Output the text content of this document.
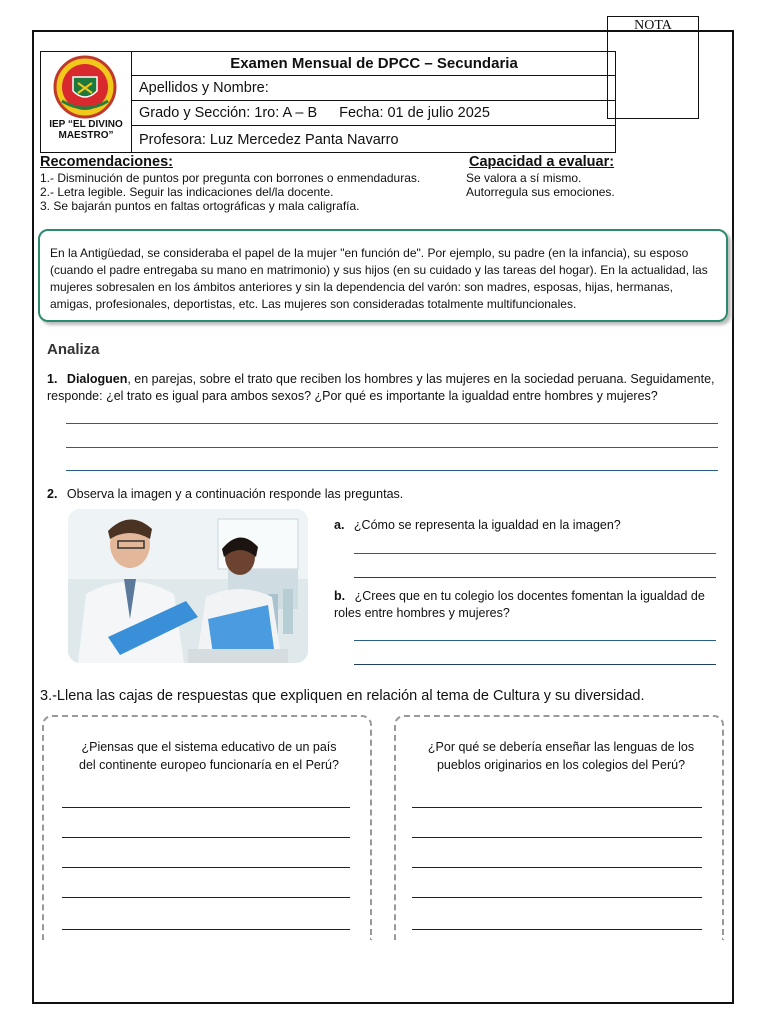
NOTA
IEP “EL DIVINO MAESTRO”
Examen Mensual de DPCC – Secundaria
Apellidos y Nombre:
Grado y Sección: 1ro: A – B Fecha: 01 de julio 2025
Profesora: Luz Mercedez Panta Navarro
Recomendaciones:
1.- Disminución de puntos por pregunta con borrones o enmendaduras.
2.- Letra legible. Seguir las indicaciones del/la docente.
3. Se bajarán puntos en faltas ortográficas y mala caligrafía.
Capacidad a evaluar:
Se valora a sí mismo.
Autorregula sus emociones.
En la Antigüedad, se consideraba el papel de la mujer "en función de". Por ejemplo, su padre (en la infancia), su esposo (cuando el padre entregaba su mano en matrimonio) y sus hijos (en su cuidado y las tareas del hogar). En la actualidad, las mujeres sobresalen en los ámbitos anteriores y sin la dependencia del varón: son madres, esposas, hijas, hermanas, amigas, profesionales, deportistas, etc. Las mujeres son consideradas totalmente multifuncionales.
Analiza
1. Dialoguen, en parejas, sobre el trato que reciben los hombres y las mujeres en la sociedad peruana. Seguidamente, responde: ¿el trato es igual para ambos sexos? ¿Por qué es importante la igualdad entre hombres y mujeres?
2. Observa la imagen y a continuación responde las preguntas.
a. ¿Cómo se representa la igualdad en la imagen?
b. ¿Crees que en tu colegio los docentes fomentan la igualdad de roles entre hombres y mujeres?
3.-Llena las cajas de respuestas que expliquen en relación al tema de Cultura y su diversidad.
¿Piensas que el sistema educativo de un país del continente europeo funcionaría en el Perú?
¿Por qué se debería enseñar las lenguas de los pueblos originarios en los colegios del Perú?
